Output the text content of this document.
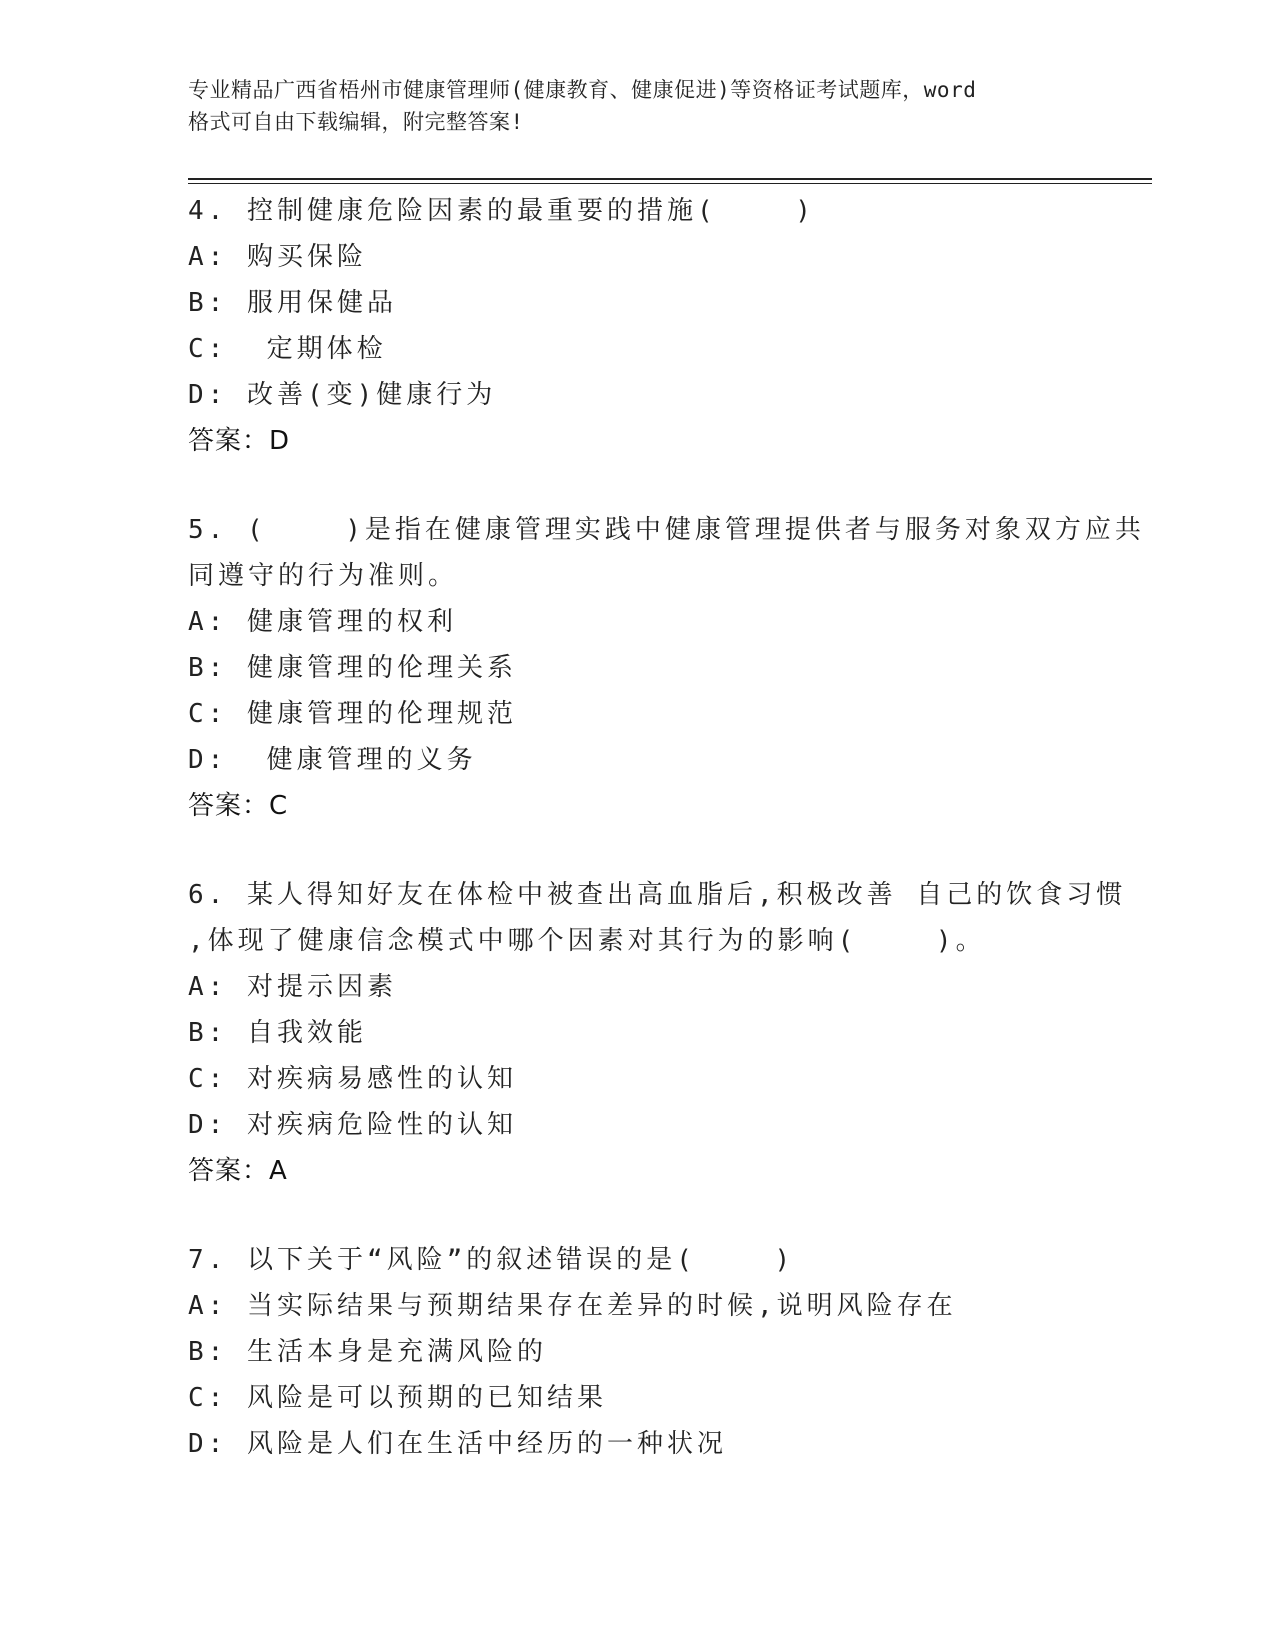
专业精品广西省梧州市健康管理师(健康教育、健康促进)等资格证考试题库，word
格式可自由下载编辑，附完整答案!
4. 控制健康危险因素的最重要的措施(    )
A: 购买保险
B: 服用保健品
C:  定期体检
D: 改善(变)健康行为
答案：D
5. (    )是指在健康管理实践中健康管理提供者与服务对象双方应共
同遵守的行为准则。
A: 健康管理的权利
B: 健康管理的伦理关系
C: 健康管理的伦理规范
D:  健康管理的义务
答案：C
6. 某人得知好友在体检中被查出高血脂后,积极改善 自己的饮食习惯
,体现了健康信念模式中哪个因素对其行为的影响(    )。
A: 对提示因素
B: 自我效能
C: 对疾病易感性的认知
D: 对疾病危险性的认知
答案：A
7. 以下关于“风险”的叙述错误的是(    )
A: 当实际结果与预期结果存在差异的时候,说明风险存在
B: 生活本身是充满风险的
C: 风险是可以预期的已知结果
D: 风险是人们在生活中经历的一种状况
